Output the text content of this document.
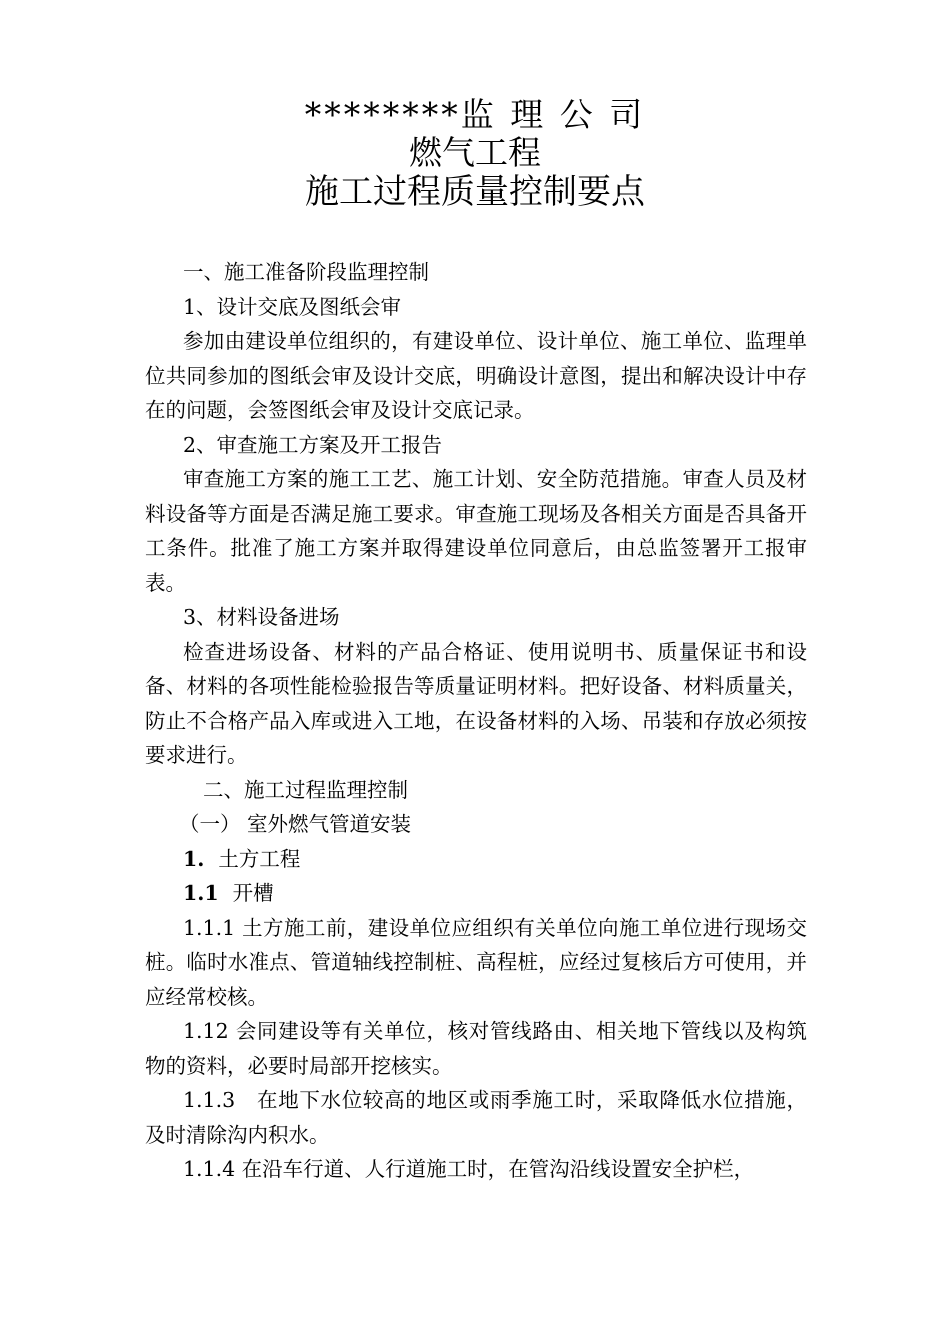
********监 理 公 司
燃气工程
施工过程质量控制要点

一、施工准备阶段监理控制

1、设计交底及图纸会审

参加由建设单位组织的，有建设单位、设计单位、施工单位、监理单位共同参加的图纸会审及设计交底，明确设计意图，提出和解决设计中存在的问题，会签图纸会审及设计交底记录。

2、审查施工方案及开工报告

审查施工方案的施工工艺、施工计划、安全防范措施。审查人员及材料设备等方面是否满足施工要求。审查施工现场及各相关方面是否具备开工条件。批准了施工方案并取得建设单位同意后，由总监签署开工报审表。

3、材料设备进场

检查进场设备、材料的产品合格证、使用说明书、质量保证书和设备、材料的各项性能检验报告等质量证明材料。把好设备、材料质量关，防止不合格产品入库或进入工地，在设备材料的入场、吊装和存放必须按要求进行。

二、施工过程监理控制

（一） 室外燃气管道安装

1. 土方工程

1.1 开槽

1.1.1 土方施工前，建设单位应组织有关单位向施工单位进行现场交桩。临时水准点、管道轴线控制桩、高程桩，应经过复核后方可使用，并应经常校核。

1.12 会同建设等有关单位，核对管线路由、相关地下管线以及构筑物的资料，必要时局部开挖核实。

1.1.3　在地下水位较高的地区或雨季施工时，采取降低水位措施，及时清除沟内积水。

1.1.4 在沿车行道、人行道施工时，在管沟沿线设置安全护栏，
